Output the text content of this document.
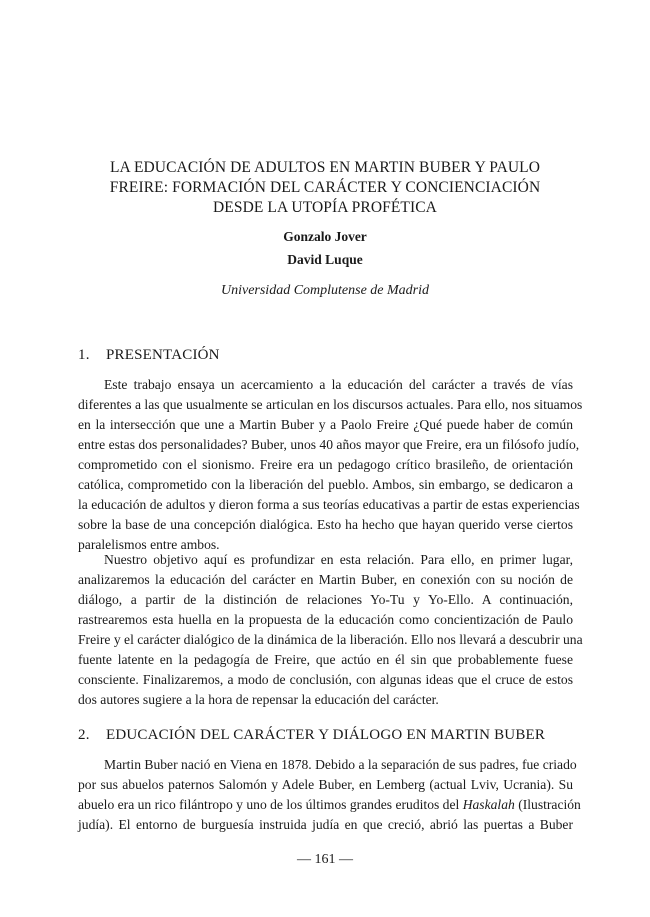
LA EDUCACIÓN DE ADULTOS EN MARTIN BUBER Y PAULO
FREIRE: FORMACIÓN DEL CARÁCTER Y CONCIENCIACIÓN
DESDE LA UTOPÍA PROFÉTICA
Gonzalo Jover
David Luque
Universidad Complutense de Madrid
1. PRESENTACIÓN
Este trabajo ensaya un acercamiento a la educación del carácter a través de vías
diferentes a las que usualmente se articulan en los discursos actuales. Para ello, nos situamos
en la intersección que une a Martin Buber y a Paolo Freire ¿Qué puede haber de común
entre estas dos personalidades? Buber, unos 40 años mayor que Freire, era un filósofo judío,
comprometido con el sionismo. Freire era un pedagogo crítico brasileño, de orientación
católica, comprometido con la liberación del pueblo. Ambos, sin embargo, se dedicaron a
la educación de adultos y dieron forma a sus teorías educativas a partir de estas experiencias
sobre la base de una concepción dialógica. Esto ha hecho que hayan querido verse ciertos
paralelismos entre ambos.
Nuestro objetivo aquí es profundizar en esta relación. Para ello, en primer lugar,
analizaremos la educación del carácter en Martin Buber, en conexión con su noción de
diálogo, a partir de la distinción de relaciones Yo-Tu y Yo-Ello. A continuación,
rastrearemos esta huella en la propuesta de la educación como concientización de Paulo
Freire y el carácter dialógico de la dinámica de la liberación. Ello nos llevará a descubrir una
fuente latente en la pedagogía de Freire, que actúo en él sin que probablemente fuese
consciente. Finalizaremos, a modo de conclusión, con algunas ideas que el cruce de estos
dos autores sugiere a la hora de repensar la educación del carácter.
2. EDUCACIÓN DEL CARÁCTER Y DIÁLOGO EN MARTIN BUBER
Martin Buber nació en Viena en 1878. Debido a la separación de sus padres, fue criado
por sus abuelos paternos Salomón y Adele Buber, en Lemberg (actual Lviv, Ucrania). Su
abuelo era un rico filántropo y uno de los últimos grandes eruditos del Haskalah (Ilustración
judía). El entorno de burguesía instruida judía en que creció, abrió las puertas a Buber
— 161 —
